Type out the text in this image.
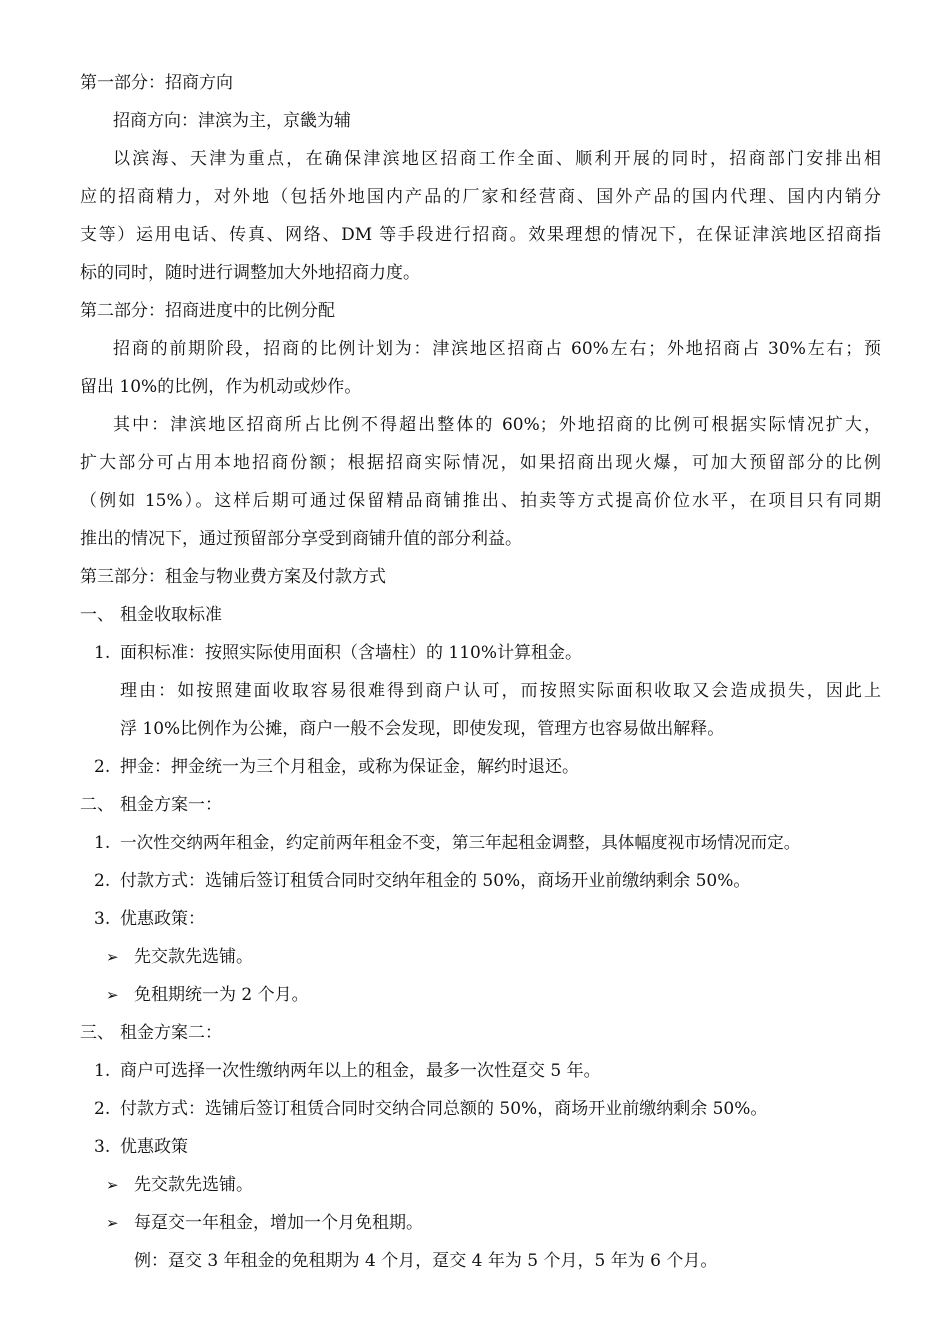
第一部分：招商方向
招商方向：津滨为主，京畿为辅
以滨海、天津为重点，在确保津滨地区招商工作全面、顺利开展的同时，招商部门安排出相
应的招商精力，对外地（包括外地国内产品的厂家和经营商、国外产品的国内代理、国内内销分
支等）运用电话、传真、网络、DM 等手段进行招商。效果理想的情况下，在保证津滨地区招商指
标的同时，随时进行调整加大外地招商力度。
第二部分：招商进度中的比例分配
招商的前期阶段，招商的比例计划为：津滨地区招商占 60%左右；外地招商占 30%左右；预
留出 10%的比例，作为机动或炒作。
其中：津滨地区招商所占比例不得超出整体的 60%；外地招商的比例可根据实际情况扩大，
扩大部分可占用本地招商份额；根据招商实际情况，如果招商出现火爆，可加大预留部分的比例
（例如 15%）。这样后期可通过保留精品商铺推出、拍卖等方式提高价位水平，在项目只有同期
推出的情况下，通过预留部分享受到商铺升值的部分利益。
第三部分：租金与物业费方案及付款方式
一、 租金收取标准
1. 面积标准：按照实际使用面积（含墙柱）的 110%计算租金。
理由：如按照建面收取容易很难得到商户认可，而按照实际面积收取又会造成损失，因此上
浮 10%比例作为公摊，商户一般不会发现，即使发现，管理方也容易做出解释。
2. 押金：押金统一为三个月租金，或称为保证金，解约时退还。
二、 租金方案一：
1. 一次性交纳两年租金，约定前两年租金不变，第三年起租金调整，具体幅度视市场情况而定。
2. 付款方式：选铺后签订租赁合同时交纳年租金的 50%，商场开业前缴纳剩余 50%。
3. 优惠政策：
➢ 先交款先选铺。
➢ 免租期统一为 2 个月。
三、 租金方案二：
1. 商户可选择一次性缴纳两年以上的租金，最多一次性趸交 5 年。
2. 付款方式：选铺后签订租赁合同时交纳合同总额的 50%，商场开业前缴纳剩余 50%。
3. 优惠政策
➢ 先交款先选铺。
➢ 每趸交一年租金，增加一个月免租期。
例：趸交 3 年租金的免租期为 4 个月，趸交 4 年为 5 个月，5 年为 6 个月。
